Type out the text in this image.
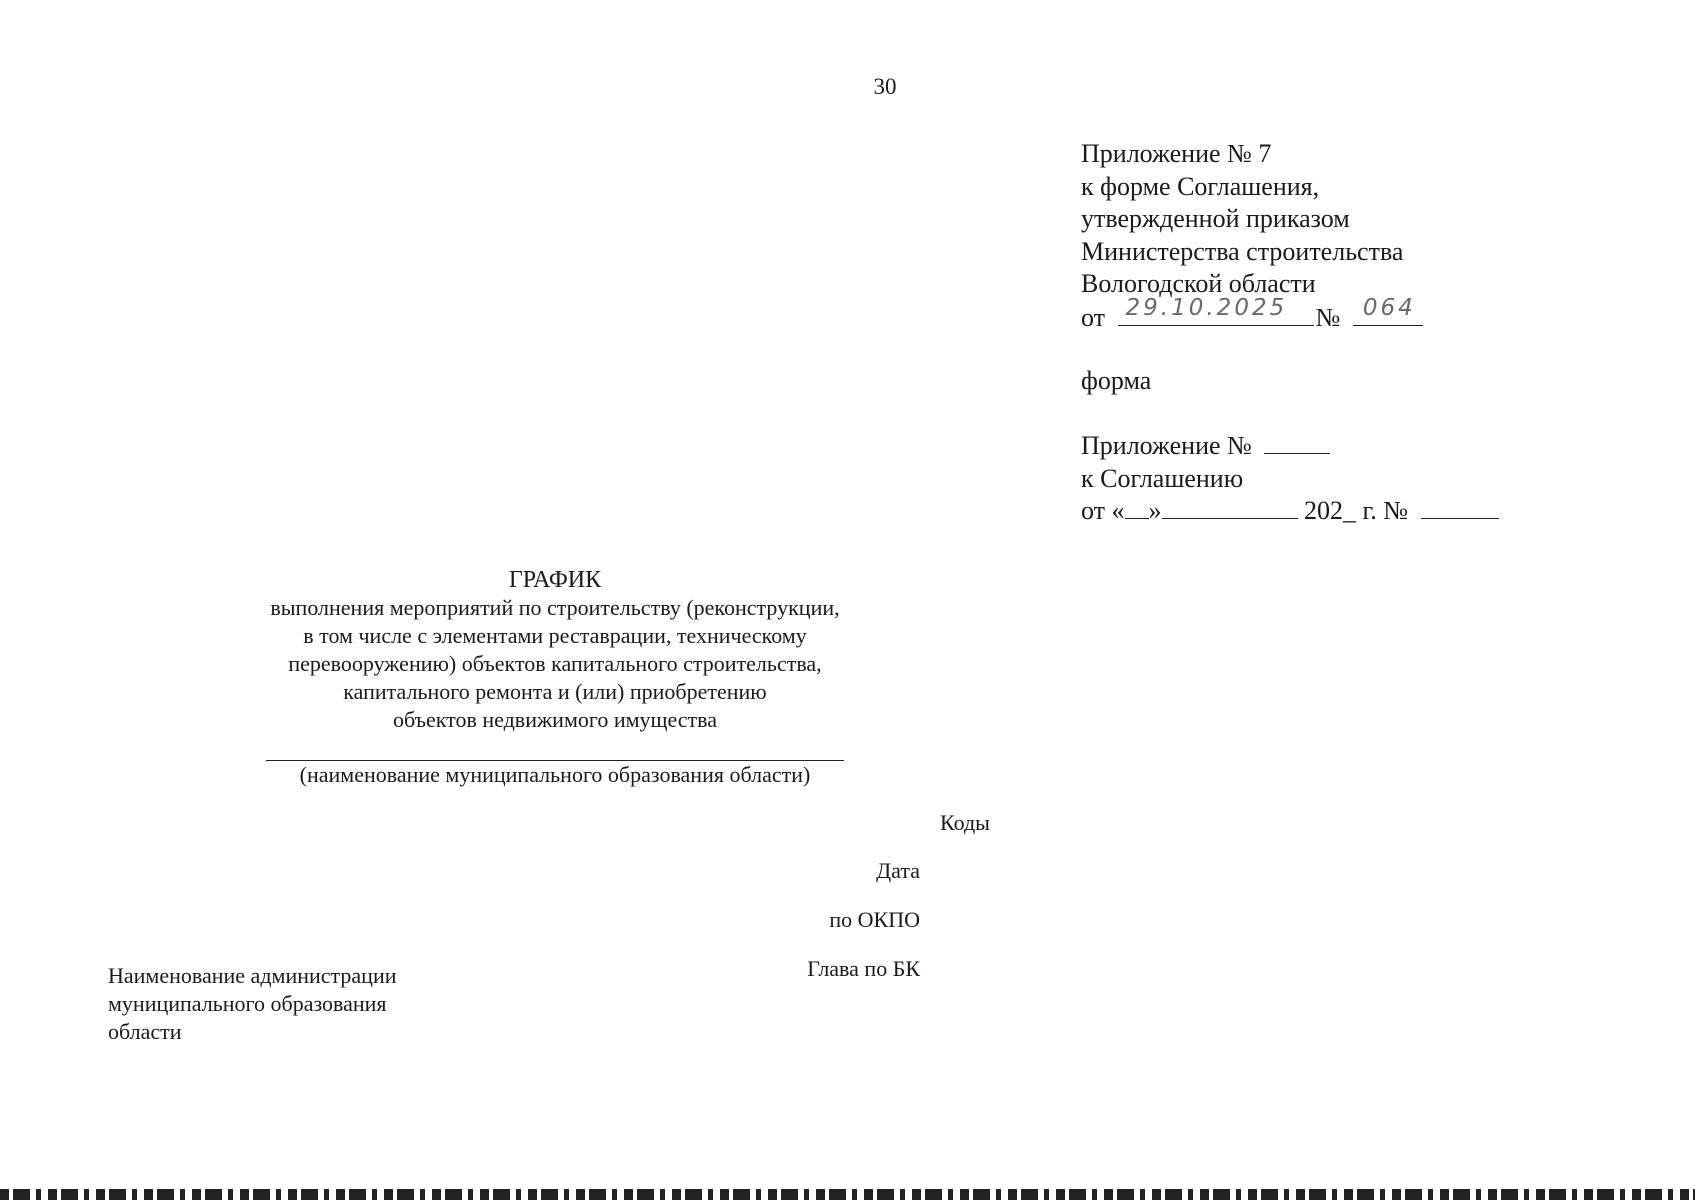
30
Приложение № 7
к форме Соглашения,
утвержденной приказом
Министерства строительства
Вологодской области
от 29.10.2025 № 064
форма
Приложение №
к Соглашению
от « »	202_ г. №
ГРАФИК
выполнения мероприятий по строительству (реконструкции,
в том числе с элементами реставрации, техническому
перевооружению) объектов капитального строительства,
капитального ремонта и (или) приобретению
объектов недвижимого имущества
(наименование муниципального образования области)
Коды
Дата
по ОКПО
Глава по БК
Наименование администрации
муниципального образования
области
